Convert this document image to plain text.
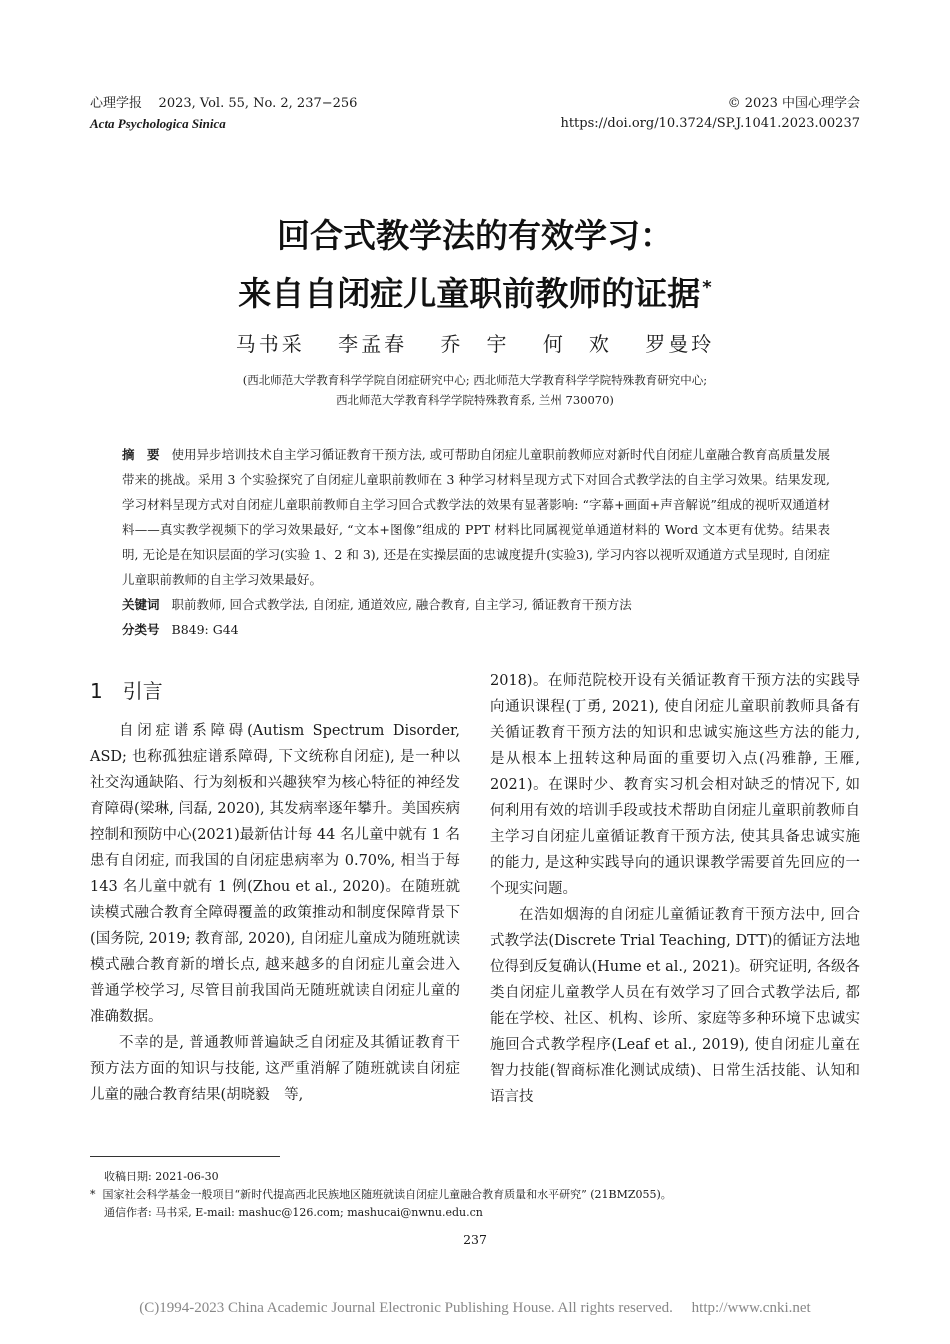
心理学报 2023, Vol. 55, No. 2, 237−256
Acta Psychologica Sinica
© 2023 中国心理学会
https://doi.org/10.3724/SP.J.1041.2023.00237
回合式教学法的有效学习：
来自自闭症儿童职前教师的证据 *
马书采 李孟春 乔　宇 何　欢 罗曼玲
(西北师范大学教育科学学院自闭症研究中心; 西北师范大学教育科学学院特殊教育研究中心;
西北师范大学教育科学学院特殊教育系, 兰州 730070)

摘　要 使用异步培训技术自主学习循证教育干预方法, 或可帮助自闭症儿童职前教师应对新时代自闭症儿童融合教育高质量发展带来的挑战。采用 3 个实验探究了自闭症儿童职前教师在 3 种学习材料呈现方式下对回合式教学法的自主学习效果。结果发现, 学习材料呈现方式对自闭症儿童职前教师自主学习回合式教学法的效果有显著影响: “字幕+画面+声音解说”组成的视听双通道材料——真实教学视频下的学习效果最好, “文本+图像”组成的 PPT 材料比同属视觉单通道材料的 Word 文本更有优势。结果表明, 无论是在知识层面的学习(实验 1、2 和 3), 还是在实操层面的忠诚度提升(实验3), 学习内容以视听双通道方式呈现时, 自闭症儿童职前教师的自主学习效果最好。

关键词 职前教师, 回合式教学法, 自闭症, 通道效应, 融合教育, 自主学习, 循证教育干预方法

分类号 B849: G44

1 引言

自闭症谱系障碍(Autism Spectrum Disorder, ASD; 也称孤独症谱系障碍, 下文统称自闭症), 是一种以社交沟通缺陷、行为刻板和兴趣狭窄为核心特征的神经发育障碍(梁琳, 闫磊, 2020), 其发病率逐年攀升。美国疾病控制和预防中心(2021)最新估计每 44 名儿童中就有 1 名患有自闭症, 而我国的自闭症患病率为 0.70%, 相当于每 143 名儿童中就有 1 例(Zhou et al., 2020)。在随班就读模式融合教育全障碍覆盖的政策推动和制度保障背景下(国务院, 2019; 教育部, 2020), 自闭症儿童成为随班就读模式融合教育新的增长点, 越来越多的自闭症儿童会进入普通学校学习, 尽管目前我国尚无随班就读自闭症儿童的准确数据。

不幸的是, 普通教师普遍缺乏自闭症及其循证教育干预方法方面的知识与技能, 这严重消解了随班就读自闭症儿童的融合教育结果(胡晓毅　等,

2018)。在师范院校开设有关循证教育干预方法的实践导向通识课程(丁勇, 2021), 使自闭症儿童职前教师具备有关循证教育干预方法的知识和忠诚实施这些方法的能力, 是从根本上扭转这种局面的重要切入点(冯雅静, 王雁, 2021)。在课时少、教育实习机会相对缺乏的情况下, 如何利用有效的培训手段或技术帮助自闭症儿童职前教师自主学习自闭症儿童循证教育干预方法, 使其具备忠诚实施的能力, 是这种实践导向的通识课教学需要首先回应的一个现实问题。

在浩如烟海的自闭症儿童循证教育干预方法中, 回合式教学法(Discrete Trial Teaching, DTT)的循证方法地位得到反复确认(Hume et al., 2021)。研究证明, 各级各类自闭症儿童教学人员在有效学习了回合式教学法后, 都能在学校、社区、机构、诊所、家庭等多种环境下忠诚实施回合式教学程序(Leaf et al., 2019), 使自闭症儿童在智力技能(智商标准化测试成绩)、日常生活技能、认知和语言技

收稿日期: 2021-06-30

* 国家社会科学基金一般项目“新时代提高西北民族地区随班就读自闭症儿童融合教育质量和水平研究” (21BMZ055)。

通信作者: 马书采, E-mail: mashuc@126.com; mashucai@nwnu.edu.cn

237
(C)1994-2023 China Academic Journal Electronic Publishing House. All rights reserved.　 http://www.cnki.net
